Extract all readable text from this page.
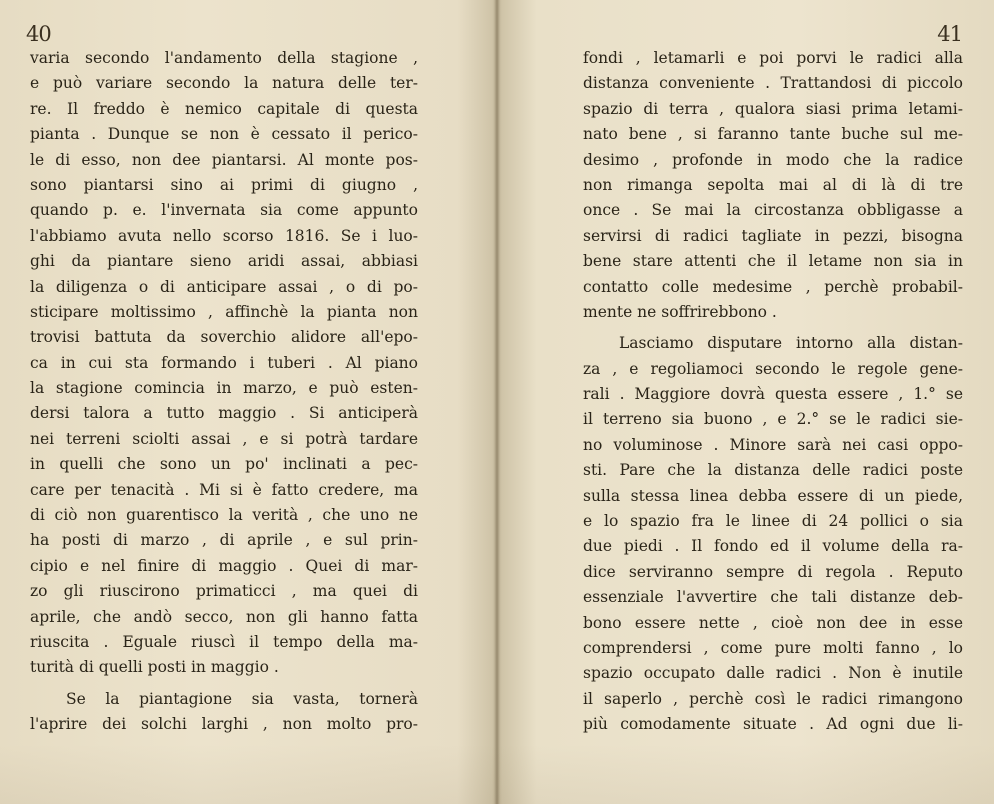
40
varia secondo l'andamento della stagione ,
e può variare secondo la natura delle ter-
re. Il freddo è nemico capitale di questa
pianta . Dunque se non è cessato il perico-
le di esso, non dee piantarsi. Al monte pos-
sono piantarsi sino ai primi di giugno ,
quando p. e. l'invernata sia come appunto
l'abbiamo avuta nello scorso 1816. Se i luo-
ghi da piantare sieno aridi assai, abbiasi
la diligenza o di anticipare assai , o di po-
sticipare moltissimo , affinchè la pianta non
trovisi battuta da soverchio alidore all'epo-
ca in cui sta formando i tuberi . Al piano
la stagione comincia in marzo, e può esten-
dersi talora a tutto maggio . Si anticiperà
nei terreni sciolti assai , e si potrà tardare
in quelli che sono un po' inclinati a pec-
care per tenacità . Mi si è fatto credere, ma
di ciò non guarentisco la verità , che uno ne
ha posti di marzo , di aprile , e sul prin-
cipio e nel finire di maggio . Quei di mar-
zo gli riuscirono primaticci , ma quei di
aprile, che andò secco, non gli hanno fatta
riuscita . Eguale riuscì il tempo della ma-
turità di quelli posti in maggio .
Se la piantagione sia vasta, tornerà
l'aprire dei solchi larghi , non molto pro-
41
fondi , letamarli e poi porvi le radici alla
distanza conveniente . Trattandosi di piccolo
spazio di terra , qualora siasi prima letami-
nato bene , si faranno tante buche sul me-
desimo , profonde in modo che la radice
non rimanga sepolta mai al di là di tre
once . Se mai la circostanza obbligasse a
servirsi di radici tagliate in pezzi, bisogna
bene stare attenti che il letame non sia in
contatto colle medesime , perchè probabil-
mente ne soffrirebbono .
Lasciamo disputare intorno alla distan-
za , e regoliamoci secondo le regole gene-
rali . Maggiore dovrà questa essere , 1.° se
il terreno sia buono , e 2.° se le radici sie-
no voluminose . Minore sarà nei casi oppo-
sti. Pare che la distanza delle radici poste
sulla stessa linea debba essere di un piede,
e lo spazio fra le linee di 24 pollici o sia
due piedi . Il fondo ed il volume della ra-
dice serviranno sempre di regola . Reputo
essenziale l'avvertire che tali distanze deb-
bono essere nette , cioè non dee in esse
comprendersi , come pure molti fanno , lo
spazio occupato dalle radici . Non è inutile
il saperlo , perchè così le radici rimangono
più comodamente situate . Ad ogni due li-
